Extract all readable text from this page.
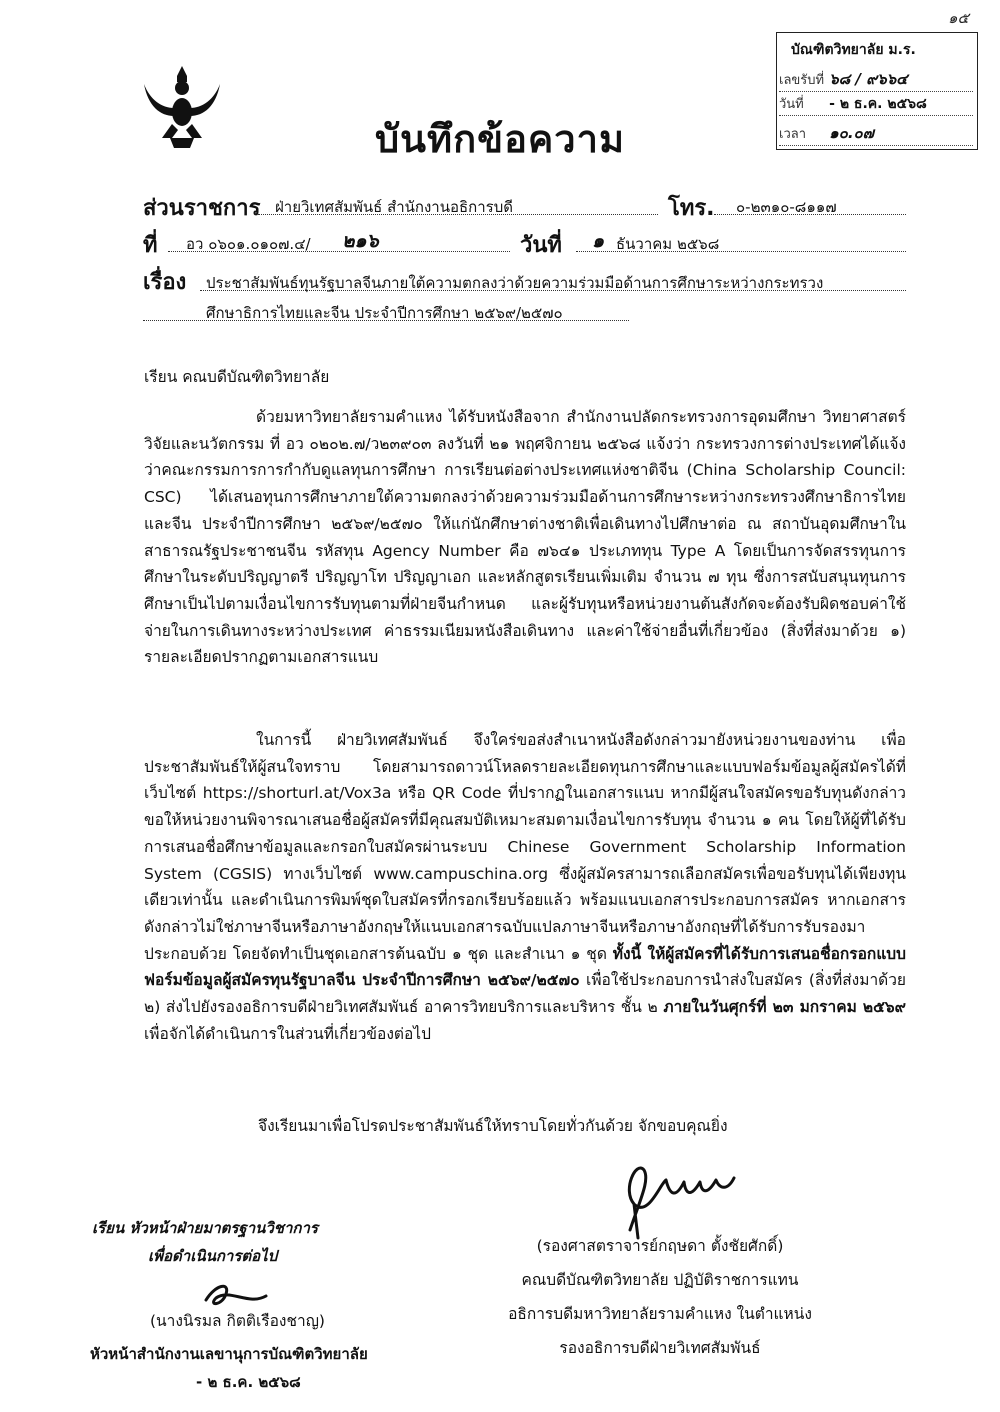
๑๕
บัณฑิตวิทยาลัย ม.ร.
เลขรับที่ ๖๘ / ๙๖๖๔
วันที่ - ๒ ธ.ค. ๒๕๖๘
เวลา ๑๐.๐๗
บันทึกข้อความ
ส่วนราชการ ฝ่ายวิเทศสัมพันธ์ สำนักงานอธิการบดี	โทร. ๐-๒๓๑๐-๘๑๑๗
ที่ อว ๐๖๐๑.๐๑๐๗.๔/ ๒๑๖	วันที่ ๑ ธันวาคม ๒๕๖๘
เรื่อง ประชาสัมพันธ์ทุนรัฐบาลจีนภายใต้ความตกลงว่าด้วยความร่วมมือด้านการศึกษาระหว่างกระทรวง
ศึกษาธิการไทยและจีน ประจำปีการศึกษา ๒๕๖๙/๒๕๗๐
เรียน คณบดีบัณฑิตวิทยาลัย

ด้วยมหาวิทยาลัยรามคำแหง ได้รับหนังสือจาก สำนักงานปลัดกระทรวงการอุดมศึกษา วิทยาศาสตร์ วิจัยและนวัตกรรม ที่ อว ๐๒๐๒.๗/ว๒๓๙๐๓ ลงวันที่ ๒๑ พฤศจิกายน ๒๕๖๘ แจ้งว่า กระทรวงการต่างประเทศได้แจ้งว่าคณะกรรมการการกำกับดูแลทุนการศึกษา การเรียนต่อต่างประเทศแห่งชาติจีน (China Scholarship Council: CSC) ได้เสนอทุนการศึกษาภายใต้ความตกลงว่าด้วยความร่วมมือด้านการศึกษาระหว่างกระทรวงศึกษาธิการไทยและจีน ประจำปีการศึกษา ๒๕๖๙/๒๕๗๐ ให้แก่นักศึกษาต่างชาติเพื่อเดินทางไปศึกษาต่อ ณ สถาบันอุดมศึกษาในสาธารณรัฐประชาชนจีน รหัสทุน Agency Number คือ ๗๖๔๑ ประเภททุน Type A โดยเป็นการจัดสรรทุนการศึกษาในระดับปริญญาตรี ปริญญาโท ปริญญาเอก และหลักสูตรเรียนเพิ่มเติม จำนวน ๗ ทุน ซึ่งการสนับสนุนทุนการศึกษาเป็นไปตามเงื่อนไขการรับทุนตามที่ฝ่ายจีนกำหนด และผู้รับทุนหรือหน่วยงานต้นสังกัดจะต้องรับผิดชอบค่าใช้จ่ายในการเดินทางระหว่างประเทศ ค่าธรรมเนียมหนังสือเดินทาง และค่าใช้จ่ายอื่นที่เกี่ยวข้อง (สิ่งที่ส่งมาด้วย ๑) รายละเอียดปรากฏตามเอกสารแนบ

ในการนี้ ฝ่ายวิเทศสัมพันธ์ จึงใคร่ขอส่งสำเนาหนังสือดังกล่าวมายังหน่วยงานของท่าน เพื่อประชาสัมพันธ์ให้ผู้สนใจทราบ โดยสามารถดาวน์โหลดรายละเอียดทุนการศึกษาและแบบฟอร์มข้อมูลผู้สมัครได้ที่เว็บไซต์ https://shorturl.at/Vox3a หรือ QR Code ที่ปรากฏในเอกสารแนบ หากมีผู้สนใจสมัครขอรับทุนดังกล่าว ขอให้หน่วยงานพิจารณาเสนอชื่อผู้สมัครที่มีคุณสมบัติเหมาะสมตามเงื่อนไขการรับทุน จำนวน ๑ คน โดยให้ผู้ที่ได้รับการเสนอชื่อศึกษาข้อมูลและกรอกใบสมัครผ่านระบบ Chinese Government Scholarship Information System (CGSIS) ทางเว็บไซต์ www.campuschina.org ซึ่งผู้สมัครสามารถเลือกสมัครเพื่อขอรับทุนได้เพียงทุนเดียวเท่านั้น และดำเนินการพิมพ์ชุดใบสมัครที่กรอกเรียบร้อยแล้ว พร้อมแนบเอกสารประกอบการสมัคร หากเอกสารดังกล่าวไม่ใช่ภาษาจีนหรือภาษาอังกฤษให้แนบเอกสารฉบับแปลภาษาจีนหรือภาษาอังกฤษที่ได้รับการรับรองมาประกอบด้วย โดยจัดทำเป็นชุดเอกสารต้นฉบับ ๑ ชุด และสำเนา ๑ ชุด ทั้งนี้ ให้ผู้สมัครที่ได้รับการเสนอชื่อกรอกแบบฟอร์มข้อมูลผู้สมัครทุนรัฐบาลจีน ประจำปีการศึกษา ๒๕๖๙/๒๕๗๐ เพื่อใช้ประกอบการนำส่งใบสมัคร (สิ่งที่ส่งมาด้วย ๒) ส่งไปยังรองอธิการบดีฝ่ายวิเทศสัมพันธ์ อาคารวิทยบริการและบริหาร ชั้น ๒ ภายในวันศุกร์ที่ ๒๓ มกราคม ๒๕๖๙ เพื่อจักได้ดำเนินการในส่วนที่เกี่ยวข้องต่อไป

จึงเรียนมาเพื่อโปรดประชาสัมพันธ์ให้ทราบโดยทั่วกันด้วย จักขอบคุณยิ่ง
(รองศาสตราจารย์กฤษดา ตั้งชัยศักดิ์)
คณบดีบัณฑิตวิทยาลัย ปฏิบัติราชการแทน
อธิการบดีมหาวิทยาลัยรามคำแหง ในตำแหน่ง
รองอธิการบดีฝ่ายวิเทศสัมพันธ์
เรียน หัวหน้าฝ่ายมาตรฐานวิชาการ
เพื่อดำเนินการต่อไป
(นางนิรมล กิตติเรืองชาญ)
หัวหน้าสำนักงานเลขานุการบัณฑิตวิทยาลัย
- ๒ ธ.ค. ๒๕๖๘
